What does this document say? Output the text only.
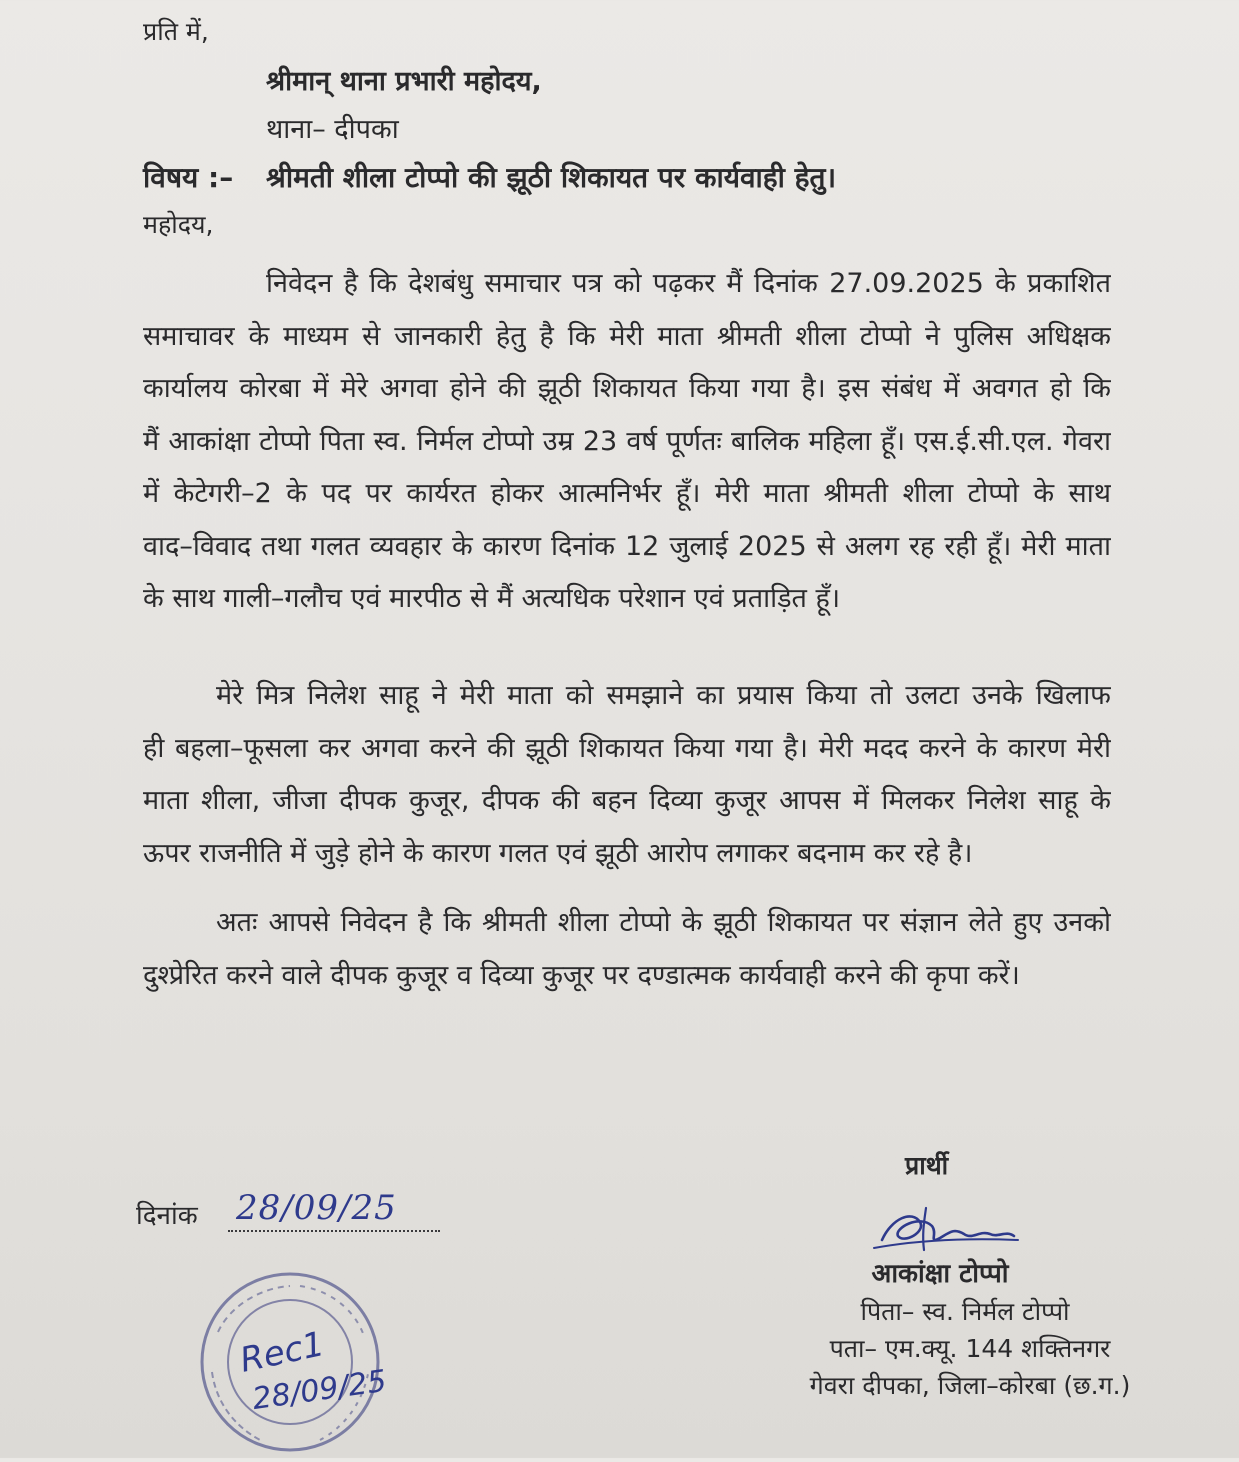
प्रति में,
श्रीमान् थाना प्रभारी महोदय,
थाना– दीपका
विषय :– श्रीमती शीला टोप्पो की झूठी शिकायत पर कार्यवाही हेतु।
महोदय,
निवेदन है कि देशबंधु समाचार पत्र को पढ़कर मैं दिनांक 27.09.2025 के प्रकाशित
समाचावर के माध्यम से जानकारी हेतु है कि मेरी माता श्रीमती शीला टोप्पो ने पुलिस अधिक्षक
कार्यालय कोरबा में मेरे अगवा होने की झूठी शिकायत किया गया है। इस संबंध में अवगत हो कि
मैं आकांक्षा टोप्पो पिता स्व. निर्मल टोप्पो उम्र 23 वर्ष पूर्णतः बालिक महिला हूँ। एस.ई.सी.एल. गेवरा
में केटेगरी–2 के पद पर कार्यरत होकर आत्मनिर्भर हूँ। मेरी माता श्रीमती शीला टोप्पो के साथ
वाद–विवाद तथा गलत व्यवहार के कारण दिनांक 12 जुलाई 2025 से अलग रह रही हूँ। मेरी माता
के साथ गाली–गलौच एवं मारपीठ से मैं अत्यधिक परेशान एवं प्रताड़ित हूँ।
मेरे मित्र निलेश साहू ने मेरी माता को समझाने का प्रयास किया तो उलटा उनके खिलाफ
ही बहला–फूसला कर अगवा करने की झूठी शिकायत किया गया है। मेरी मदद करने के कारण मेरी
माता शीला, जीजा दीपक कुजूर, दीपक की बहन दिव्या कुजूर आपस में मिलकर निलेश साहू के
ऊपर राजनीति में जुड़े होने के कारण गलत एवं झूठी आरोप लगाकर बदनाम कर रहे है।
अतः आपसे निवेदन है कि श्रीमती शीला टोप्पो के झूठी शिकायत पर संज्ञान लेते हुए उनको
दुश्प्रेरित करने वाले दीपक कुजूर व दिव्या कुजूर पर दण्डात्मक कार्यवाही करने की कृपा करें।
प्रार्थी
आकांक्षा टोप्पो
पिता– स्व. निर्मल टोप्पो
पता– एम.क्यू. 144 शक्तिनगर
गेवरा दीपका, जिला–कोरबा (छ.ग.)
दिनांक 28/09/25
Rec1
28/09/25
